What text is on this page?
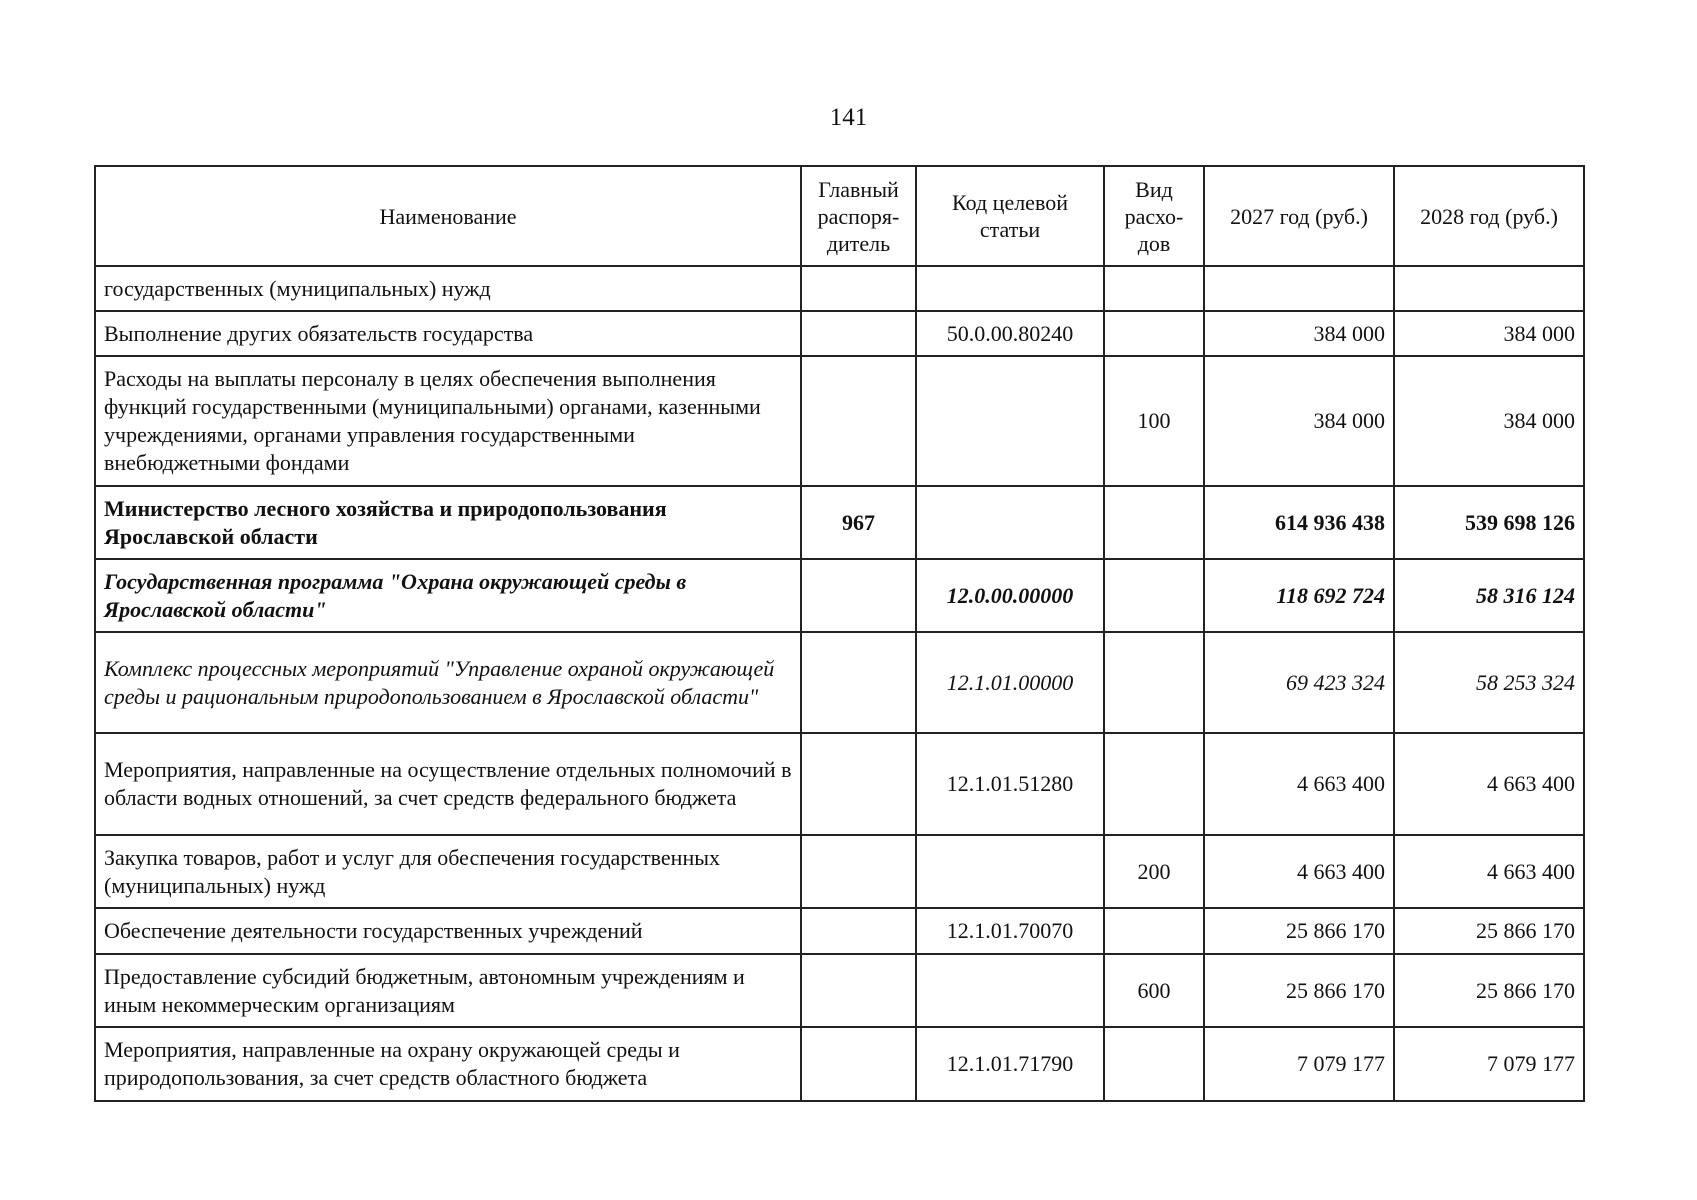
141
Наименование	Главный распоря-дитель	Код целевой статьи	Вид расхо-дов	2027 год (руб.)	2028 год (руб.)
государственных (муниципальных) нужд					
Выполнение других обязательств государства		50.0.00.80240		384 000	384 000
Расходы на выплаты персоналу в целях обеспечения выполнения функций государственными (муниципальными) органами, казенными учреждениями, органами управления государственными внебюджетными фондами			100	384 000	384 000
Министерство лесного хозяйства и природопользования Ярославской области	967			614 936 438	539 698 126
Государственная программа "Охрана окружающей среды в Ярославской области"		12.0.00.00000		118 692 724	58 316 124
Комплекс процессных мероприятий "Управление охраной окружающей среды и рациональным природопользованием в Ярославской области"		12.1.01.00000		69 423 324	58 253 324
Мероприятия, направленные на осуществление отдельных полномочий в области водных отношений, за счет средств федерального бюджета		12.1.01.51280		4 663 400	4 663 400
Закупка товаров, работ и услуг для обеспечения государственных (муниципальных) нужд			200	4 663 400	4 663 400
Обеспечение деятельности государственных учреждений		12.1.01.70070		25 866 170	25 866 170
Предоставление субсидий бюджетным, автономным учреждениям и иным некоммерческим организациям			600	25 866 170	25 866 170
Мероприятия, направленные на охрану окружающей среды и природопользования, за счет средств областного бюджета		12.1.01.71790		7 079 177	7 079 177
